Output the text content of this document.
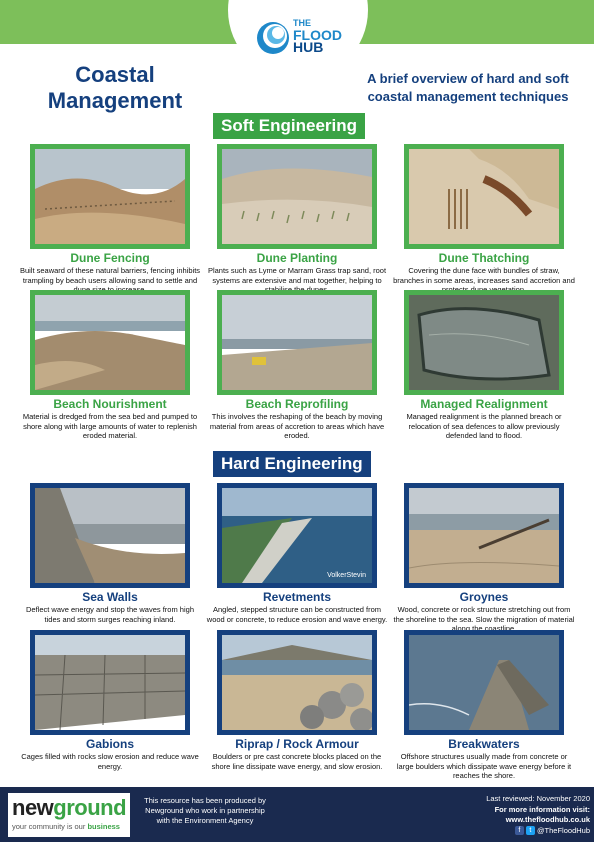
THE
FLOOD
HUB
Coastal
Management
A brief overview of hard and soft
coastal management techniques
Soft Engineering
Dune Fencing
Built seaward of these natural barriers, fencing inhibits trampling by beach users allowing sand to settle and dune size to increase.
Dune Planting
Plants such as Lyme or Marram Grass trap sand, root systems are extensive and mat together, helping to stabilise the dunes.
Dune Thatching
Covering the dune face with bundles of straw, branches in some areas, increases sand accretion and protects dune vegetation.
Beach Nourishment
Material is dredged from the sea bed and pumped to shore along with large amounts of water to replenish eroded material.
Beach Reprofiling
This involves the reshaping of the beach by moving material from areas of accretion to areas which have eroded.
Managed Realignment
Managed realignment is the planned breach or relocation of sea defences to allow previously defended land to flood.
Hard Engineering
Sea Walls
Deflect wave energy and stop the waves from high tides and storm surges reaching inland.
VolkerStevin
Revetments
Angled, stepped structure can be constructed from wood or concrete, to reduce erosion and wave energy.
Groynes
Wood, concrete or rock structure stretching out from the shoreline to the sea. Slow the migration of material along the coastline.
Gabions
Cages filled with rocks slow erosion and reduce wave energy.
Riprap / Rock Armour
Boulders or pre cast concrete blocks placed on the shore line dissipate wave energy, and slow erosion.
Breakwaters
Offshore structures usually made from concrete or large boulders which dissipate wave energy before it reaches the shore.
newground
your community is our business
This resource has been produced by Newground who work in partnership with the Environment Agency
Last reviewed: November 2020
For more information visit:
www.thefloodhub.co.uk
f t @TheFloodHub
